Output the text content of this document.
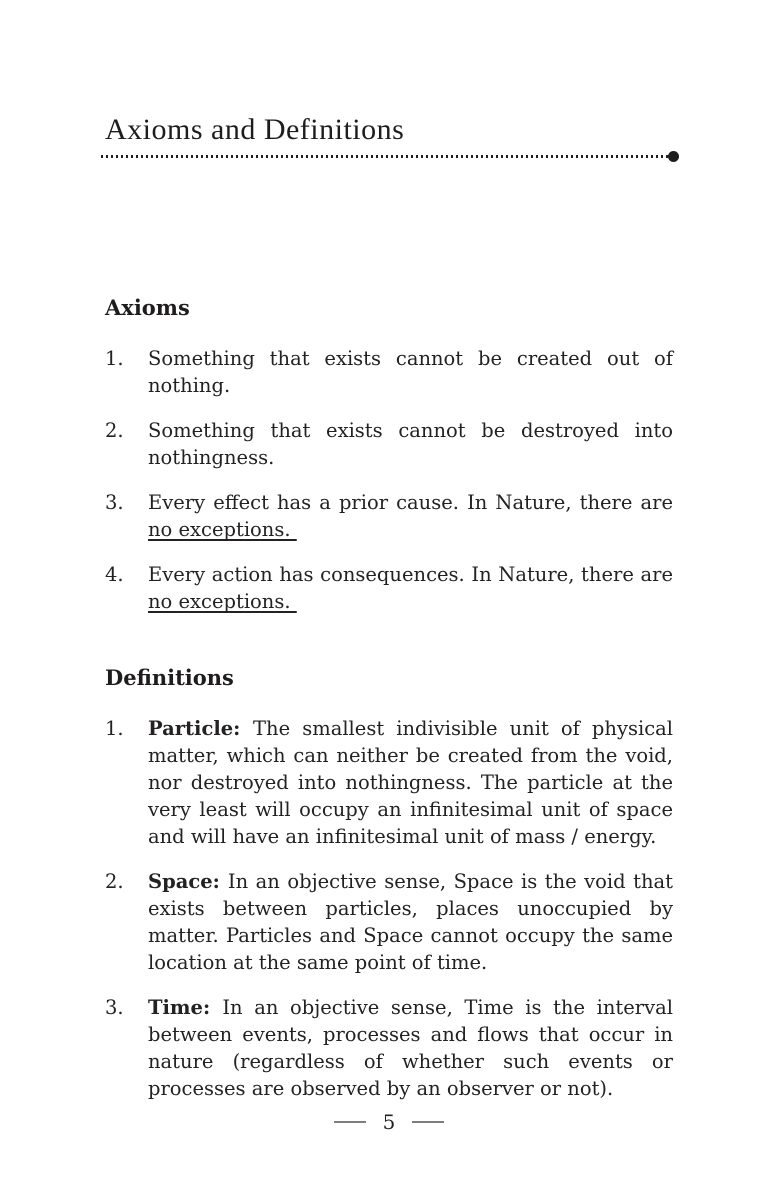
Axioms and Definitions
Axioms
1.	Something that exists cannot be created out of nothing.
2.	Something that exists cannot be destroyed into nothingness.
3.	Every effect has a prior cause. In Nature, there are no exceptions.
4.	Every action has consequences. In Nature, there are no exceptions.
Definitions
1.	Particle: The smallest indivisible unit of physical matter, which can neither be created from the void, nor destroyed into nothingness. The particle at the very least will occupy an infinitesimal unit of space and will have an infinitesimal unit of mass / energy.
2.	Space: In an objective sense, Space is the void that exists between particles, places unoccupied by matter. Particles and Space cannot occupy the same location at the same point of time.
3.	Time: In an objective sense, Time is the interval between events, processes and flows that occur in nature (regardless of whether such events or processes are observed by an observer or not).
5
